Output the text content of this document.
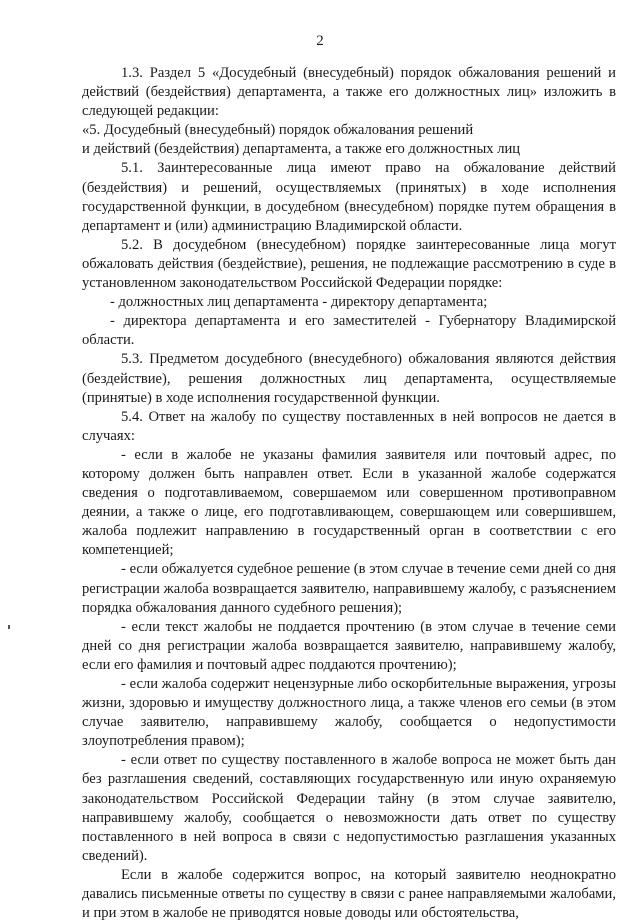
2

1.3. Раздел 5 «Досудебный (внесудебный) порядок обжалования решений и действий (бездействия) департамента, а также его должностных лиц» изложить в следующей редакции:

«5. Досудебный (внесудебный) порядок обжалования решений

и действий (бездействия) департамента, а также его должностных лиц

5.1. Заинтересованные лица имеют право на обжалование действий (бездействия) и решений, осуществляемых (принятых) в ходе исполнения государственной функции, в досудебном (внесудебном) порядке путем обращения в департамент и (или) администрацию Владимирской области.

5.2. В досудебном (внесудебном) порядке заинтересованные лица могут обжаловать действия (бездействие), решения, не подлежащие рассмотрению в суде в установленном законодательством Российской Федерации порядке:

- должностных лиц департамента - директору департамента;

- директора департамента и его заместителей - Губернатору Владимирской области.

5.3. Предметом досудебного (внесудебного) обжалования являются действия (бездействие), решения должностных лиц департамента, осуществляемые (принятые) в ходе исполнения государственной функции.

5.4. Ответ на жалобу по существу поставленных в ней вопросов не дается в случаях:

- если в жалобе не указаны фамилия заявителя или почтовый адрес, по которому должен быть направлен ответ. Если в указанной жалобе содержатся сведения о подготавливаемом, совершаемом или совершенном противоправном деянии, а также о лице, его подготавливающем, совершающем или совершившем, жалоба подлежит направлению в государственный орган в соответствии с его компетенцией;

- если обжалуется судебное решение (в этом случае в течение семи дней со дня регистрации жалоба возвращается заявителю, направившему жалобу, с разъяснением порядка обжалования данного судебного решения);

- если текст жалобы не поддается прочтению (в этом случае в течение семи дней со дня регистрации жалоба возвращается заявителю, направившему жалобу, если его фамилия и почтовый адрес поддаются прочтению);

- если жалоба содержит нецензурные либо оскорбительные выражения, угрозы жизни, здоровью и имуществу должностного лица, а также членов его семьи (в этом случае заявителю, направившему жалобу, сообщается о недопустимости злоупотребления правом);

- если ответ по существу поставленного в жалобе вопроса не может быть дан без разглашения сведений, составляющих государственную или иную охраняемую законодательством Российской Федерации тайну (в этом случае заявителю, направившему жалобу, сообщается о невозможности дать ответ по существу поставленного в ней вопроса в связи с недопустимостью разглашения указанных сведений).

Если в жалобе содержится вопрос, на который заявителю неоднократно давались письменные ответы по существу в связи с ранее направляемыми жалобами, и при этом в жалобе не приводятся новые доводы или обстоятельства,
